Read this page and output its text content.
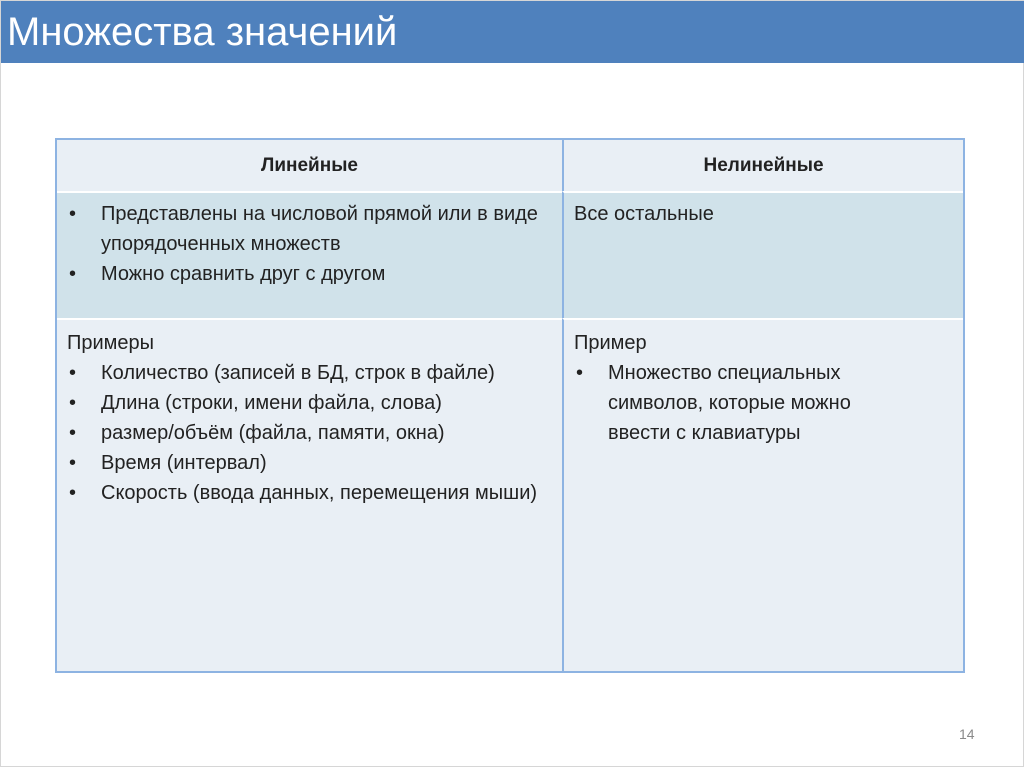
Множества значений
Линейные	Нелинейные
• Представлены на числовой прямой или в виде упорядоченных множеств
• Можно сравнить друг с другом
Все остальные
Примеры
• Количество (записей в БД, строк в файле)
• Длина (строки, имени файла, слова)
• размер/объём (файла, памяти, окна)
• Время (интервал)
• Скорость (ввода данных, перемещения мыши)
Пример
• Множество специальных символов, которые можно ввести с клавиатуры
14
